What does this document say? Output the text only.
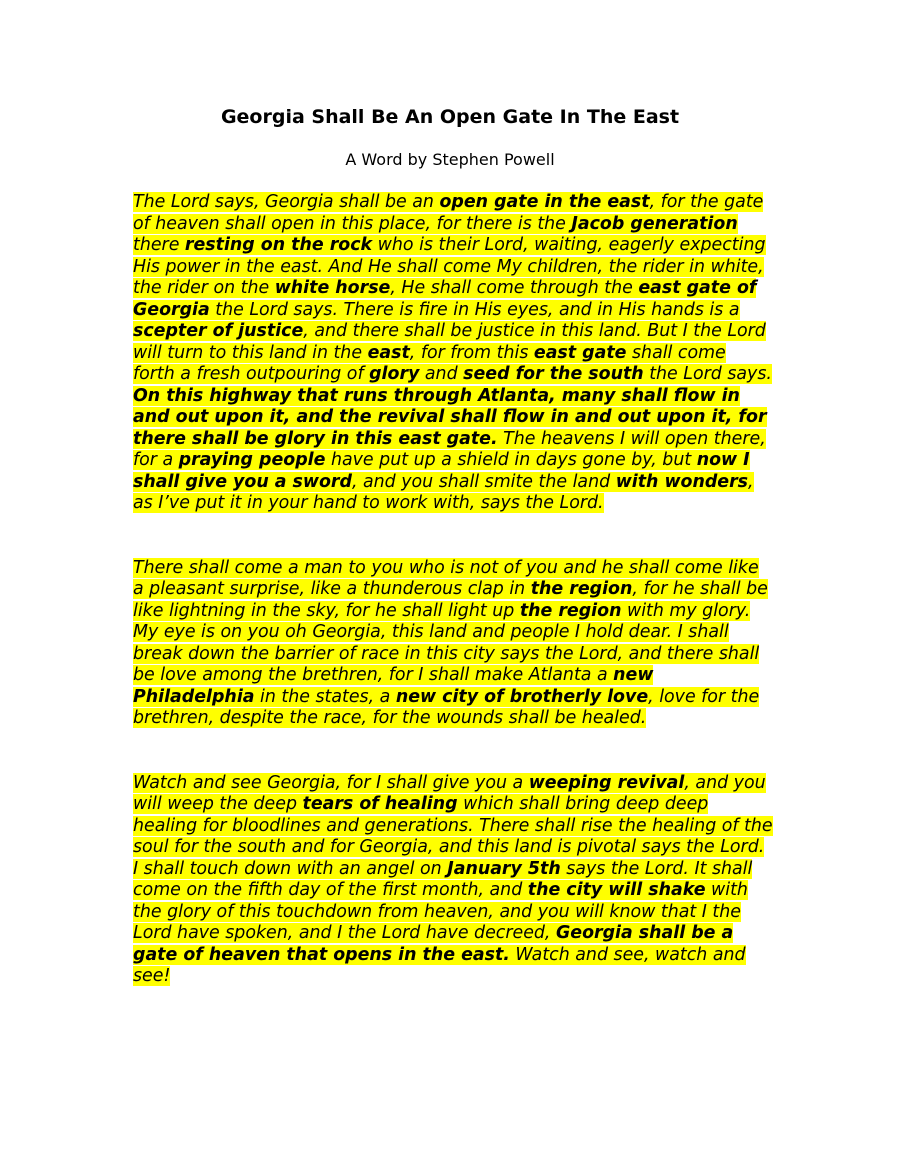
Georgia Shall Be An Open Gate In The East

A Word by Stephen Powell

The Lord says, Georgia shall be an open gate in the east, for the gate of heaven shall open in this place, for there is the Jacob generation there resting on the rock who is their Lord, waiting, eagerly expecting His power in the east. And He shall come My children, the rider in white, the rider on the white horse, He shall come through the east gate of Georgia the Lord says. There is fire in His eyes, and in His hands is a scepter of justice, and there shall be justice in this land. But I the Lord will turn to this land in the east, for from this east gate shall come forth a fresh outpouring of glory and seed for the south the Lord says. On this highway that runs through Atlanta, many shall flow in and out upon it, and the revival shall flow in and out upon it, for there shall be glory in this east gate. The heavens I will open there, for a praying people have put up a shield in days gone by, but now I shall give you a sword, and you shall smite the land with wonders, as I’ve put it in your hand to work with, says the Lord.

There shall come a man to you who is not of you and he shall come like a pleasant surprise, like a thunderous clap in the region, for he shall be like lightning in the sky, for he shall light up the region with my glory. My eye is on you oh Georgia, this land and people I hold dear. I shall break down the barrier of race in this city says the Lord, and there shall be love among the brethren, for I shall make Atlanta a new Philadelphia in the states, a new city of brotherly love, love for the brethren, despite the race, for the wounds shall be healed.

Watch and see Georgia, for I shall give you a weeping revival, and you will weep the deep tears of healing which shall bring deep deep healing for bloodlines and generations. There shall rise the healing of the soul for the south and for Georgia, and this land is pivotal says the Lord.

I shall touch down with an angel on January 5th says the Lord. It shall come on the fifth day of the first month, and the city will shake with the glory of this touchdown from heaven, and you will know that I the Lord have spoken, and I the Lord have decreed, Georgia shall be a gate of heaven that opens in the east. Watch and see, watch and see!
